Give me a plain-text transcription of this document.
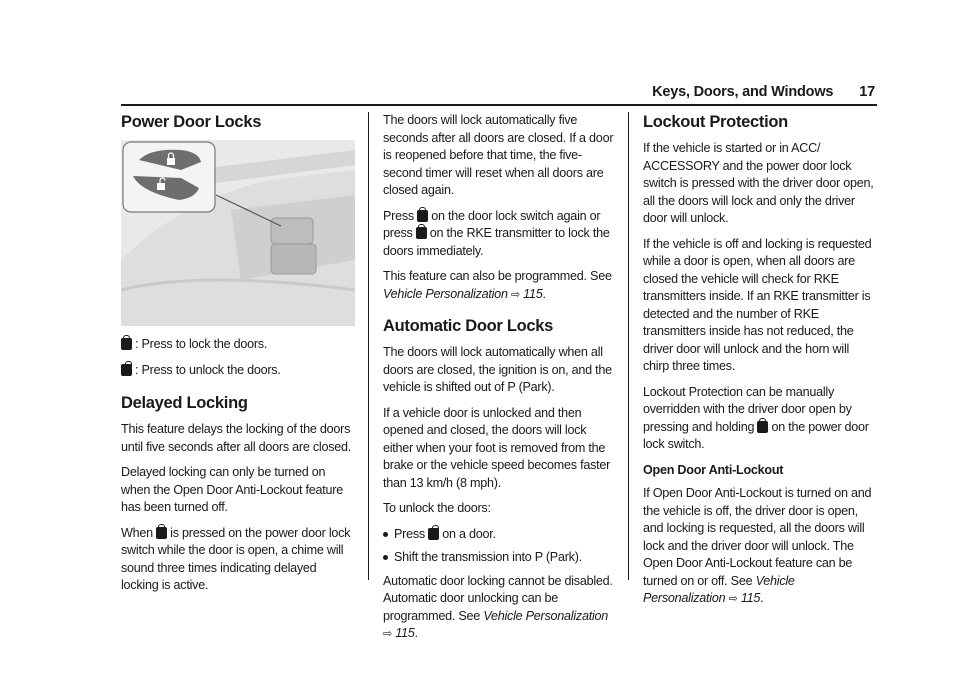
Keys, Doors, and Windows 17
Power Door Locks

: Press to lock the doors.

: Press to unlock the doors.

Delayed Locking

This feature delays the locking of the doors until five seconds after all doors are closed.

Delayed locking can only be turned on when the Open Door Anti-Lockout feature has been turned off.

When is pressed on the power door lock switch while the door is open, a chime will sound three times indicating delayed locking is active.

The doors will lock automatically five seconds after all doors are closed. If a door is reopened before that time, the five-second timer will reset when all doors are closed again.

Press on the door lock switch again or press on the RKE transmitter to lock the doors immediately.

This feature can also be programmed. See Vehicle Personalization ⇨ 115.

Automatic Door Locks

The doors will lock automatically when all doors are closed, the ignition is on, and the vehicle is shifted out of P (Park).

If a vehicle door is unlocked and then opened and closed, the doors will lock either when your foot is removed from the brake or the vehicle speed becomes faster than 13 km/h (8 mph).

To unlock the doors:

Press on a door.
Shift the transmission into P (Park).

Automatic door locking cannot be disabled. Automatic door unlocking can be programmed. See Vehicle Personalization ⇨ 115.

Lockout Protection

If the vehicle is started or in ACC/ ACCESSORY and the power door lock switch is pressed with the driver door open, all the doors will lock and only the driver door will unlock.

If the vehicle is off and locking is requested while a door is open, when all doors are closed the vehicle will check for RKE transmitters inside. If an RKE transmitter is detected and the number of RKE transmitters inside has not reduced, the driver door will unlock and the horn will chirp three times.

Lockout Protection can be manually overridden with the driver door open by pressing and holding on the power door lock switch.

Open Door Anti-Lockout

If Open Door Anti-Lockout is turned on and the vehicle is off, the driver door is open, and locking is requested, all the doors will lock and the driver door will unlock. The Open Door Anti-Lockout feature can be turned on or off. See Vehicle Personalization ⇨ 115.
